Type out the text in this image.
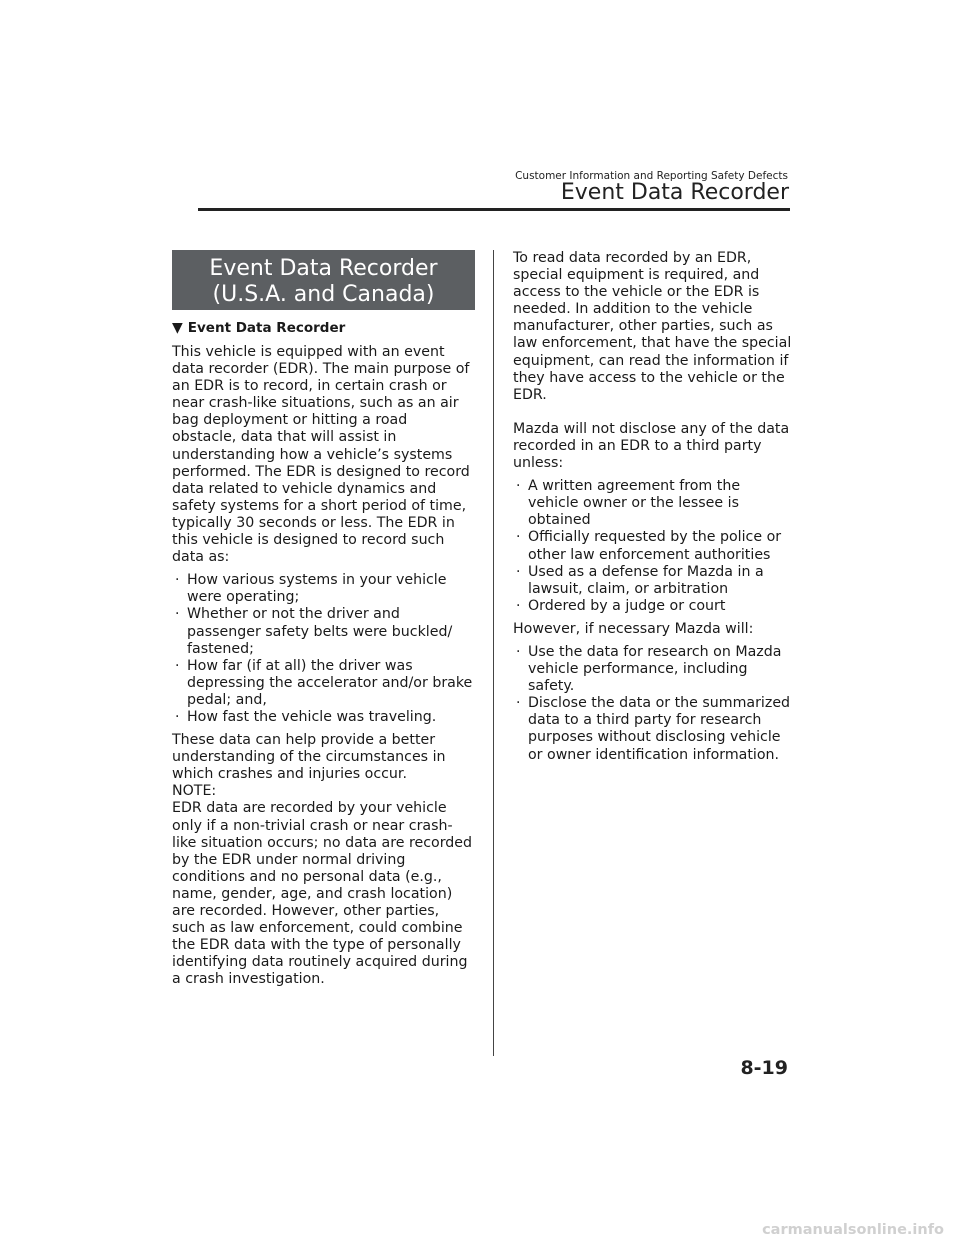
Customer Information and Reporting Safety Defects
Event Data Recorder
Event Data Recorder
(U.S.A. and Canada)
▼ Event Data Recorder

This vehicle is equipped with an event data recorder (EDR). The main purpose of an EDR is to record, in certain crash or near crash-like situations, such as an air bag deployment or hitting a road obstacle, data that will assist in understanding how a vehicle’s systems performed. The EDR is designed to record data related to vehicle dynamics and safety systems for a short period of time, typically 30 seconds or less. The EDR in this vehicle is designed to record such data as:

· How various systems in your vehicle were operating;
· Whether or not the driver and passenger safety belts were buckled/ fastened;
· How far (if at all) the driver was depressing the accelerator and/or brake pedal; and,
· How fast the vehicle was traveling.

These data can help provide a better understanding of the circumstances in which crashes and injuries occur.

NOTE:

EDR data are recorded by your vehicle only if a non-trivial crash or near crash-like situation occurs; no data are recorded by the EDR under normal driving conditions and no personal data (e.g., name, gender, age, and crash location) are recorded. However, other parties, such as law enforcement, could combine the EDR data with the type of personally identifying data routinely acquired during a crash investigation.

To read data recorded by an EDR, special equipment is required, and access to the vehicle or the EDR is needed. In addition to the vehicle manufacturer, other parties, such as law enforcement, that have the special equipment, can read the information if they have access to the vehicle or the EDR.

Mazda will not disclose any of the data recorded in an EDR to a third party unless:

· A written agreement from the vehicle owner or the lessee is obtained
· Officially requested by the police or other law enforcement authorities
· Used as a defense for Mazda in a lawsuit, claim, or arbitration
· Ordered by a judge or court

However, if necessary Mazda will:

· Use the data for research on Mazda vehicle performance, including safety.
· Disclose the data or the summarized data to a third party for research purposes without disclosing vehicle or owner identification information.
8-19
carmanualsonline.info
